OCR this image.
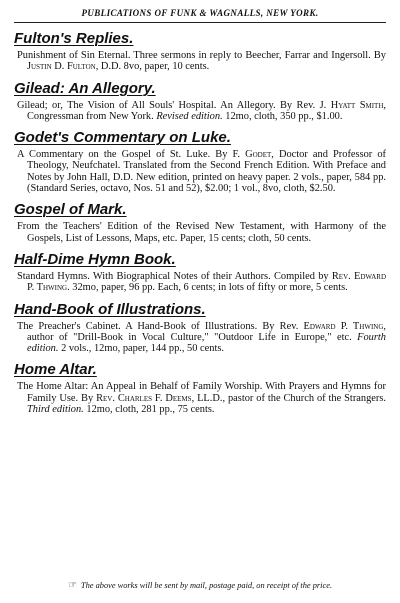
PUBLICATIONS OF FUNK & WAGNALLS, NEW YORK.
Fulton's Replies.
Punishment of Sin Eternal. Three sermons in reply to Beecher, Farrar and Ingersoll. By Justin D. Fulton, D.D. 8vo, paper, 10 cents.
Gilead: An Allegory.
Gilead; or, The Vision of All Souls' Hospital. An Allegory. By Rev. J. Hyatt Smith, Congressman from New York. Revised edition. 12mo, cloth, 350 pp., $1.00.
Godet's Commentary on Luke.
A Commentary on the Gospel of St. Luke. By F. Godet, Doctor and Professor of Theology, Neufchatel. Translated from the Second French Edition. With Preface and Notes by John Hall, D.D. New edition, printed on heavy paper. 2 vols., paper, 584 pp. (Standard Series, octavo, Nos. 51 and 52), $2.00; 1 vol., 8vo, cloth, $2.50.
Gospel of Mark.
From the Teachers' Edition of the Revised New Testament, with Harmony of the Gospels, List of Lessons, Maps, etc. Paper, 15 cents; cloth, 50 cents.
Half-Dime Hymn Book.
Standard Hymns. With Biographical Notes of their Authors. Compiled by Rev. Edward P. Thwing. 32mo, paper, 96 pp. Each, 6 cents; in lots of fifty or more, 5 cents.
Hand-Book of Illustrations.
The Preacher's Cabinet. A Hand-Book of Illustrations. By Rev. Edward P. Thwing, author of "Drill-Book in Vocal Culture," "Outdoor Life in Europe," etc. Fourth edition. 2 vols., 12mo, paper, 144 pp., 50 cents.
Home Altar.
The Home Altar: An Appeal in Behalf of Family Worship. With Prayers and Hymns for Family Use. By Rev. Charles F. Deems, LL.D., pastor of the Church of the Strangers. Third edition. 12mo, cloth, 281 pp., 75 cents.
☞ The above works will be sent by mail, postage paid, on receipt of the price.
